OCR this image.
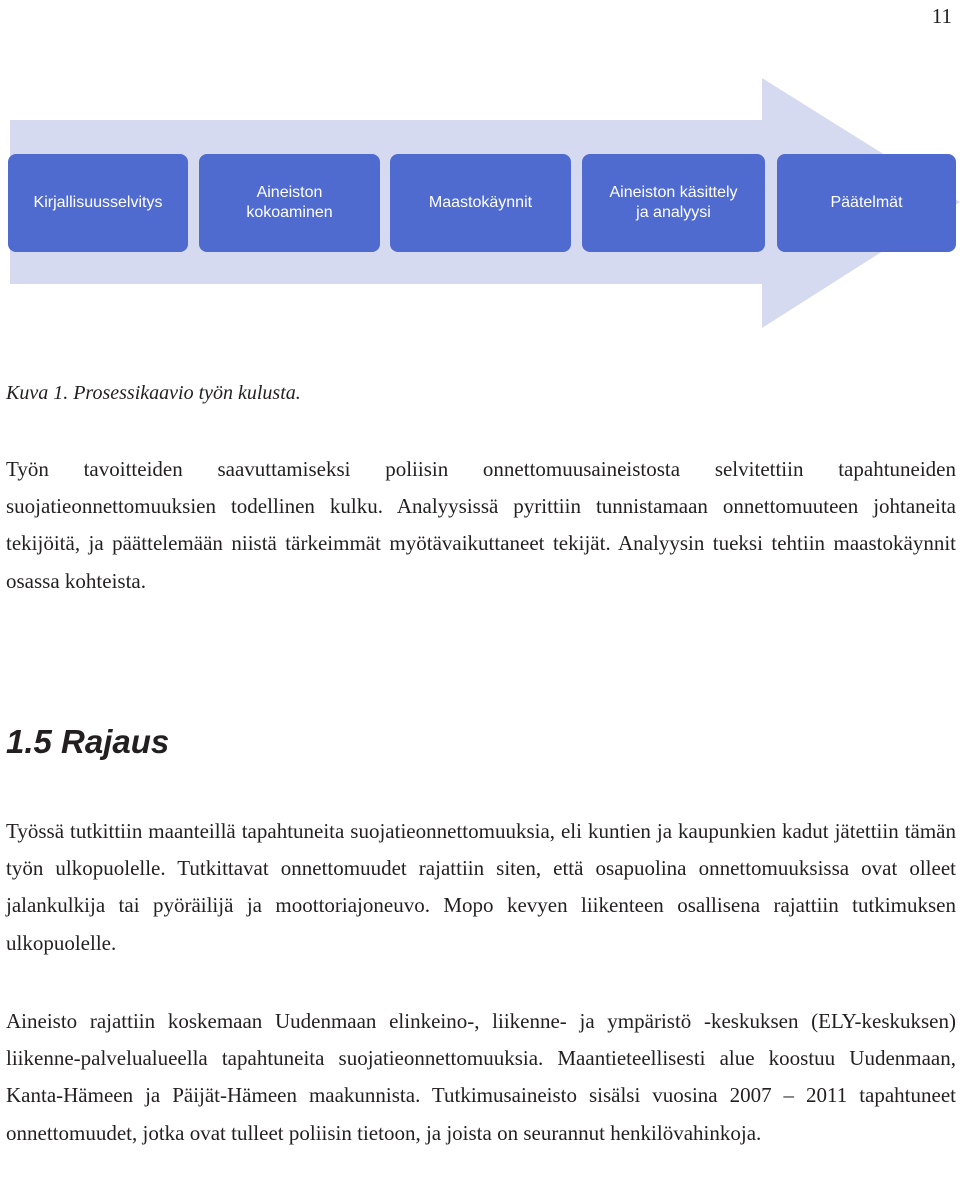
11
Kirjallisuusselvitys
Aineiston
kokoaminen
Maastokäynnit
Aineiston käsittely
ja analyysi
Päätelmät
Kuva 1. Prosessikaavio työn kulusta.

Työn tavoitteiden saavuttamiseksi poliisin onnettomuusaineistosta selvitettiin tapahtuneiden suojatieonnettomuuksien todellinen kulku. Analyysissä pyrittiin tunnistamaan onnettomuuteen johtaneita tekijöitä, ja päättelemään niistä tärkeimmät myötävaikuttaneet tekijät. Analyysin tueksi tehtiin maastokäynnit osassa kohteista.

1.5 Rajaus

Työssä tutkittiin maanteillä tapahtuneita suojatieonnettomuuksia, eli kuntien ja kaupunkien kadut jätettiin tämän työn ulkopuolelle. Tutkittavat onnettomuudet rajattiin siten, että osapuolina onnettomuuksissa ovat olleet jalankulkija tai pyöräilijä ja moottoriajoneuvo. Mopo kevyen liikenteen osallisena rajattiin tutkimuksen ulkopuolelle.

Aineisto rajattiin koskemaan Uudenmaan elinkeino-, liikenne- ja ympäristö -keskuksen (ELY-keskuksen) liikenne-palvelualueella tapahtuneita suojatieonnettomuuksia. Maantieteellisesti alue koostuu Uudenmaan, Kanta-Hämeen ja Päijät-Hämeen maakunnista. Tutkimusaineisto sisälsi vuosina 2007 – 2011 tapahtuneet onnettomuudet, jotka ovat tulleet poliisin tietoon, ja joista on seurannut henkilövahinkoja.
